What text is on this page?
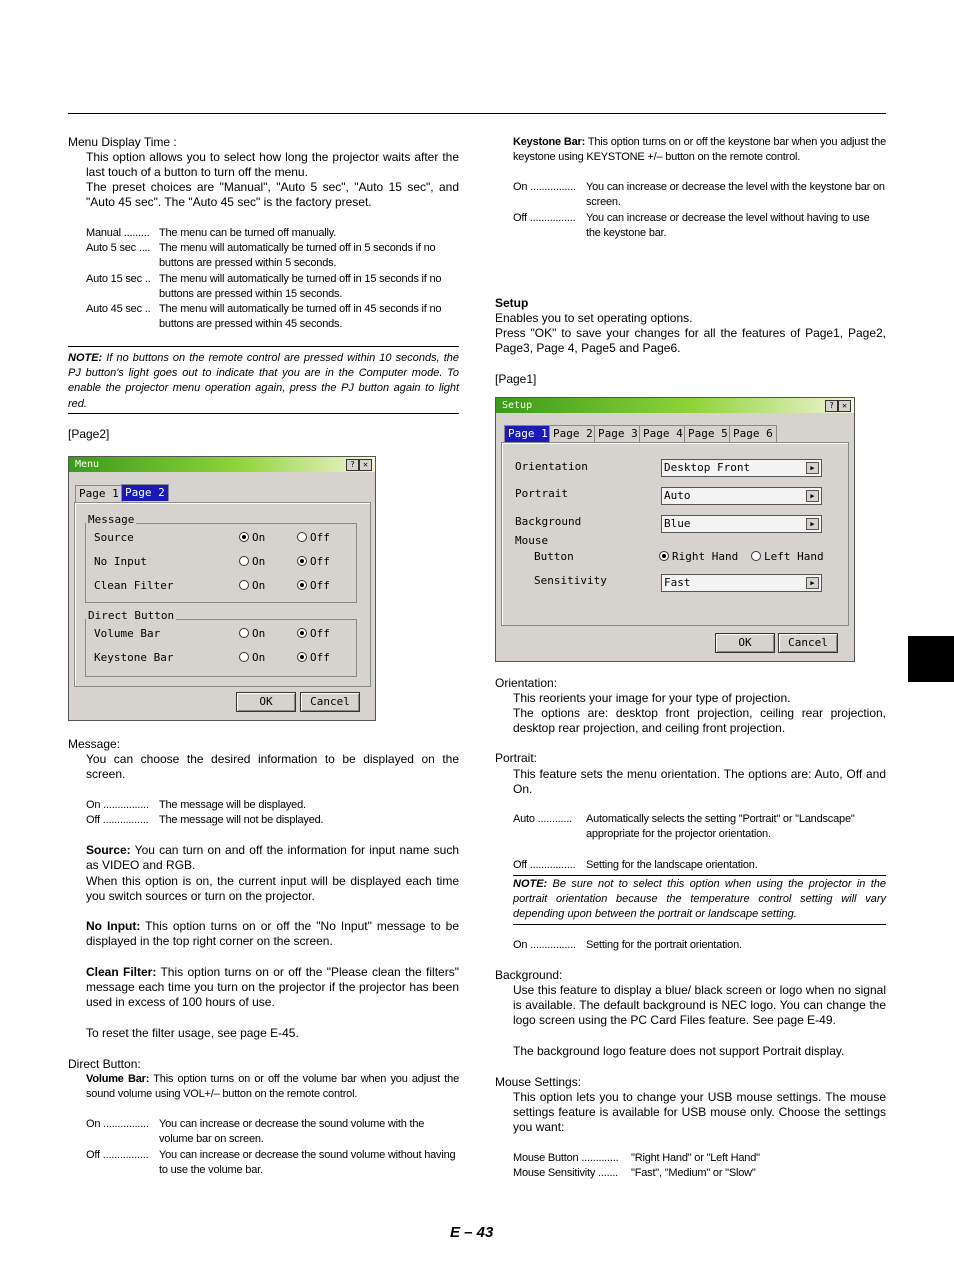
Menu Display Time :
This option allows you to select how long the projector waits after the last touch of a button to turn off the menu.
The preset choices are "Manual", "Auto 5 sec", "Auto 15 sec", and "Auto 45 sec". The "Auto 45 sec" is the factory preset.
Manual ......... The menu can be turned off manually.
Auto 5 sec .... The menu will automatically be turned off in 5 seconds if no buttons are pressed within 5 seconds.
Auto 15 sec .. The menu will automatically be turned off in 15 seconds if no buttons are pressed within 15 seconds.
Auto 45 sec .. The menu will automatically be turned off in 45 seconds if no buttons are pressed within 45 seconds.
NOTE: If no buttons on the remote control are pressed within 10 seconds, the PJ button's light goes out to indicate that you are in the Computer mode. To enable the projector menu operation again, press the PJ button again to light red.
[Page2]
Menu	?	✕
Page 1 Page 2
Message
Source	On	Off
No Input	On	Off
Clean Filter	On	Off
Direct Button
Volume Bar	On	Off
Keystone Bar	On	Off
OK	Cancel
Message:
You can choose the desired information to be displayed on the screen.
On ................ The message will be displayed.
Off ................ The message will not be displayed.
Source: You can turn on and off the information for input name such as VIDEO and RGB.
When this option is on, the current input will be displayed each time you switch sources or turn on the projector.
No Input: This option turns on or off the "No Input" message to be displayed in the top right corner on the screen.
Clean Filter: This option turns on or off the "Please clean the filters" message each time you turn on the projector if the projector has been used in excess of 100 hours of use.
To reset the filter usage, see page E-45.
Direct Button:
Volume Bar: This option turns on or off the volume bar when you adjust the sound volume using VOL+/– button on the remote control.
On ................ You can increase or decrease the sound volume with the volume bar on screen.
Off ................ You can increase or decrease the sound volume without having to use the volume bar.
Keystone Bar: This option turns on or off the keystone bar when you adjust the keystone using KEYSTONE +/– button on the remote control.
On ................ You can increase or decrease the level with the keystone bar on screen.
Off ................ You can increase or decrease the level without having to use the keystone bar.
Setup
Enables you to set operating options.
Press "OK" to save your changes for all the features of Page1, Page2, Page3, Page 4, Page5 and Page6.
[Page1]
Setup	?	✕
Page 1 Page 2 Page 3 Page 4 Page 5 Page 6
Orientation	Desktop Front	▶
Portrait	Auto	▶
Background	Blue	▶
Mouse
Button	Right Hand	Left Hand
Sensitivity	Fast	▶
OK	Cancel
Orientation:
This reorients your image for your type of projection.
The options are: desktop front projection, ceiling rear projection, desktop rear projection, and ceiling front projection.
Portrait:
This feature sets the menu orientation. The options are: Auto, Off and On.
Auto ............ Automatically selects the setting "Portrait" or "Landscape" appropriate for the projector orientation.
Off ................ Setting for the landscape orientation.
NOTE: Be sure not to select this option when using the projector in the portrait orientation because the temperature control setting will vary depending upon between the portrait or landscape setting.
On ................ Setting for the portrait orientation.
Background:
Use this feature to display a blue/ black screen or logo when no signal is available. The default background is NEC logo. You can change the logo screen using the PC Card Files feature. See page E-49.
The background logo feature does not support Portrait display.
Mouse Settings:
This option lets you to change your USB mouse settings. The mouse settings feature is available for USB mouse only. Choose the settings you want:
Mouse Button ............. "Right Hand" or "Left Hand"
Mouse Sensitivity ....... "Fast", "Medium" or "Slow"
E – 43
